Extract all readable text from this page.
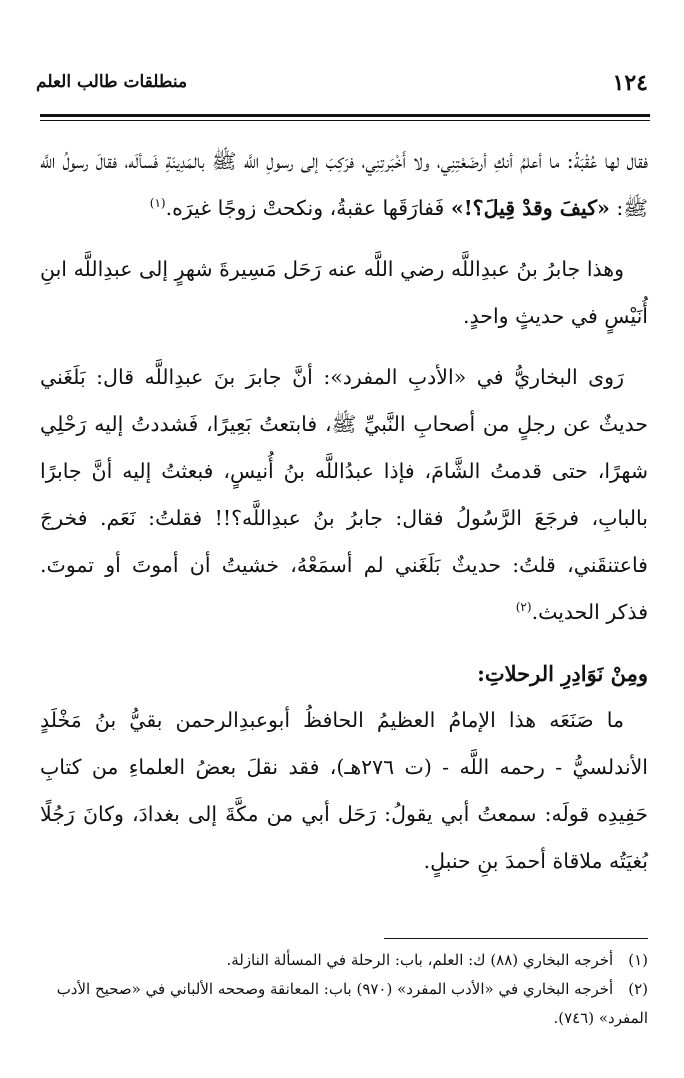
١٢٤
منطلقات طالب العلم

فقال لها عُقْبَةُ: ما أعلمُ أنكِ أرضَعْتِنِي، ولا أَخْبَرتِنِي، فرَكِبَ إلى رسولِ اللَّه ﷺ بالمَدِينَةِ فَسألَه، فقالَ رسولُ اللَّه ﷺ: «كيفَ وقدْ قِيلَ؟!» فَفارَقَها عقبةُ، ونكحتْ زوجًا غيرَه.$^{(١)}$

وهذا جابرُ بنُ عبدِاللَّه رضي اللَّه عنه رَحَل مَسِيرةَ شهرٍ إلى عبدِاللَّه ابنِ أُنَيْسٍ في حديثٍ واحدٍ.

رَوى البخاريُّ في «الأدبِ المفرد»: أنَّ جابرَ بنَ عبدِاللَّه قال: بَلَغَني حديثٌ عن رجلٍ من أصحابِ النَّبيِّ ﷺ، فابتعتُ بَعِيرًا، فَشددتُ إليه رَحْلِي شهرًا، حتى قدمتُ الشَّامَ، فإذا عبدُاللَّه بنُ أُنيسٍ، فبعثتُ إليه أنَّ جابرًا بالبابِ، فرجَعَ الرَّسُولُ فقال: جابرُ بنُ عبدِاللَّه؟!! فقلتُ: نَعَم. فخرجَ فاعتنقَني، قلتُ: حديثٌ بَلَغَني لم أسمَعْهُ، خشيتُ أن أموتَ أو تموتَ. فذكر الحديث.$^{(٢)}$

ومِنْ نَوَادِرِ الرحلاتِ:

ما صَنَعَه هذا الإمامُ العظيمُ الحافظُ أبوعبدِالرحمن بقيُّ بنُ مَخْلَدٍ الأندلسيُّ - رحمه اللَّه - (ت ٢٧٦هـ)، فقد نقلَ بعضُ العلماءِ من كتابِ حَفِيدِه قولَه: سمعتُ أبي يقولُ: رَحَل أبي من مكَّةَ إلى بغدادَ، وكانَ رَجُلًا بُغيَتُه ملاقاة أحمدَ بنِ حنبلٍ.

(١) أخرجه البخاري (٨٨) ك: العلم، باب: الرحلة في المسألة النازلة.

(٢) أخرجه البخاري في «الأدب المفرد» (٩٧٠) باب: المعانقة وصححه الألباني في «صحيح الأدب المفرد» (٧٤٦).
